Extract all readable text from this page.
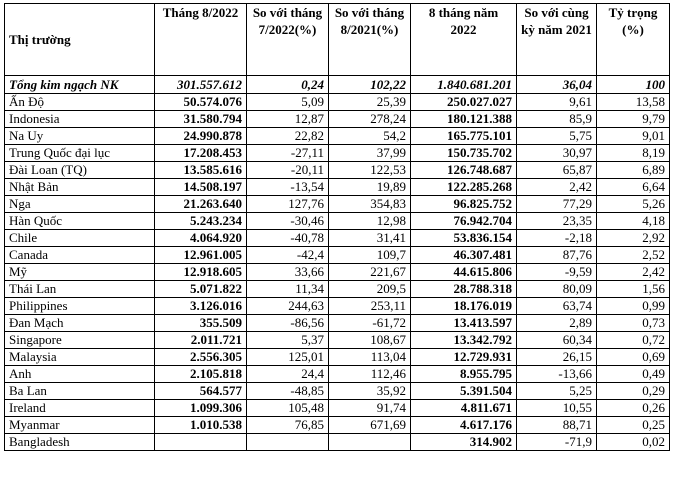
Thị trường	Tháng 8/2022	So với tháng 7/2022(%)	So với tháng 8/2021(%)	8 tháng năm 2022	So với cùng kỳ năm 2021	Tỷ trọng (%)
Tổng kim ngạch NK	301.557.612	0,24	102,22	1.840.681.201	36,04	100
Ấn Độ	50.574.076	5,09	25,39	250.027.027	9,61	13,58
Indonesia	31.580.794	12,87	278,24	180.121.388	85,9	9,79
Na Uy	24.990.878	22,82	54,2	165.775.101	5,75	9,01
Trung Quốc đại lục	17.208.453	-27,11	37,99	150.735.702	30,97	8,19
Đài Loan (TQ)	13.585.616	-20,11	122,53	126.748.687	65,87	6,89
Nhật Bản	14.508.197	-13,54	19,89	122.285.268	2,42	6,64
Nga	21.263.640	127,76	354,83	96.825.752	77,29	5,26
Hàn Quốc	5.243.234	-30,46	12,98	76.942.704	23,35	4,18
Chile	4.064.920	-40,78	31,41	53.836.154	-2,18	2,92
Canada	12.961.005	-42,4	109,7	46.307.481	87,76	2,52
Mỹ	12.918.605	33,66	221,67	44.615.806	-9,59	2,42
Thái Lan	5.071.822	11,34	209,5	28.788.318	80,09	1,56
Philippines	3.126.016	244,63	253,11	18.176.019	63,74	0,99
Đan Mạch	355.509	-86,56	-61,72	13.413.597	2,89	0,73
Singapore	2.011.721	5,37	108,67	13.342.792	60,34	0,72
Malaysia	2.556.305	125,01	113,04	12.729.931	26,15	0,69
Anh	2.105.818	24,4	112,46	8.955.795	-13,66	0,49
Ba Lan	564.577	-48,85	35,92	5.391.504	5,25	0,29
Ireland	1.099.306	105,48	91,74	4.811.671	10,55	0,26
Myanmar	1.010.538	76,85	671,69	4.617.176	88,71	0,25
Bangladesh				314.902	-71,9	0,02
